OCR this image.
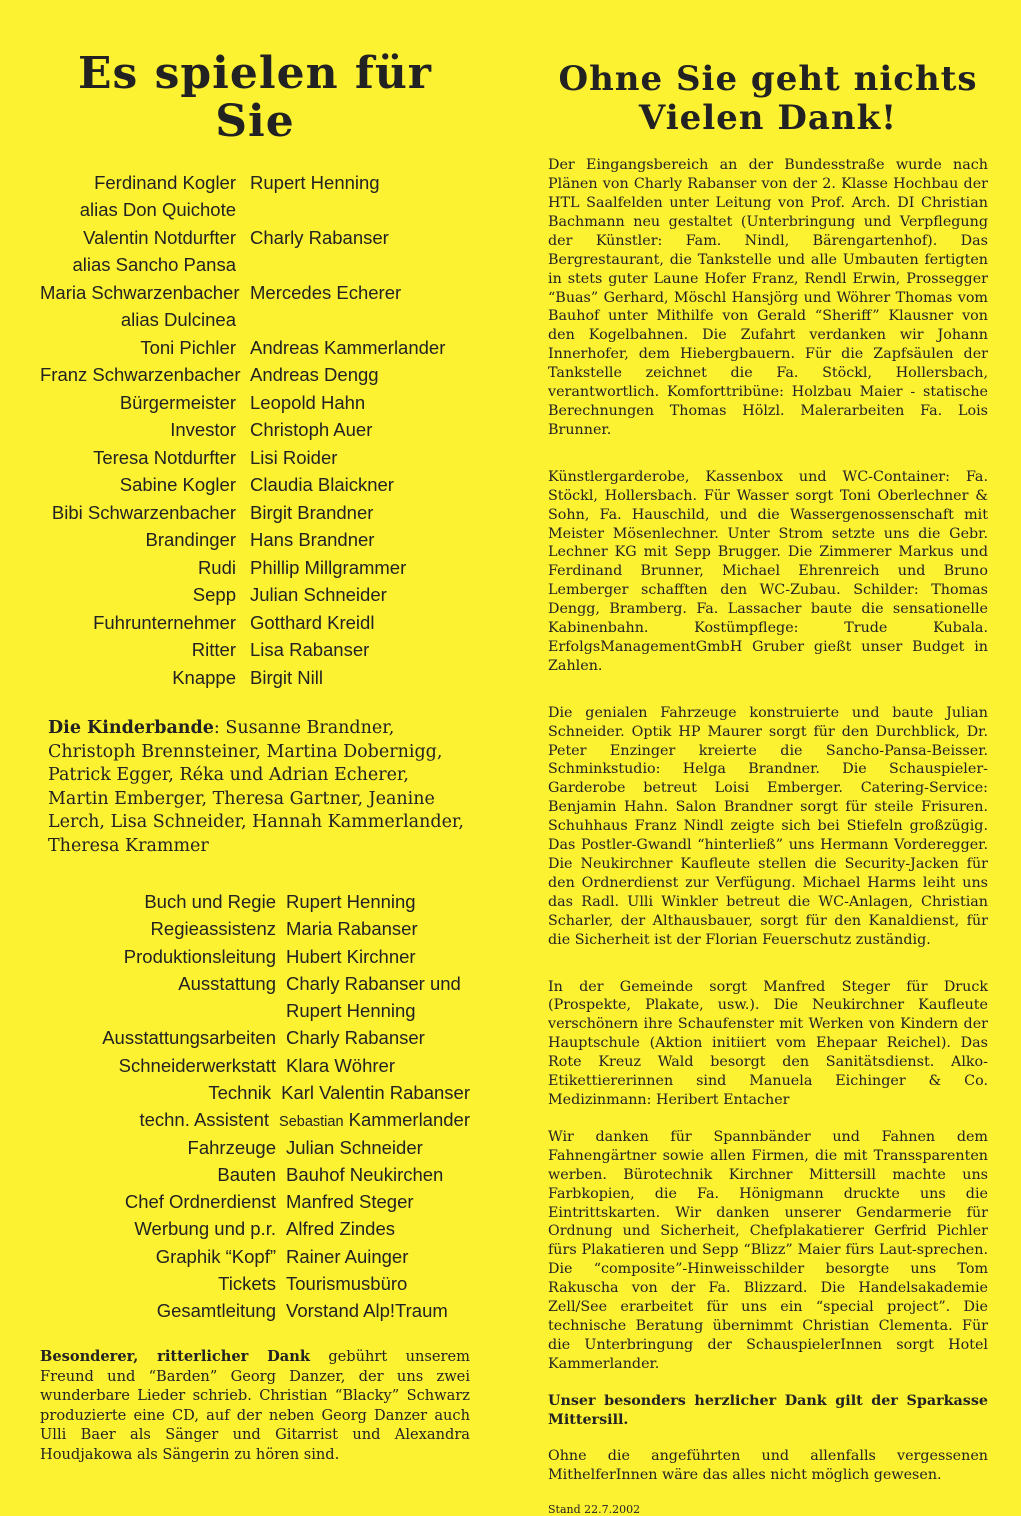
Es spielen für Sie
Ferdinand Kogler Rupert Henning
alias Don Quichote
Valentin Notdurfter Charly Rabanser
alias Sancho Pansa
Maria Schwarzenbacher Mercedes Echerer
alias Dulcinea
Toni Pichler Andreas Kammerlander
Franz Schwarzenbacher Andreas Dengg
Bürgermeister Leopold Hahn
Investor Christoph Auer
Teresa Notdurfter Lisi Roider
Sabine Kogler Claudia Blaickner
Bibi Schwarzenbacher Birgit Brandner
Brandinger Hans Brandner
Rudi Phillip Millgrammer
Sepp Julian Schneider
Fuhrunternehmer Gotthard Kreidl
Ritter Lisa Rabanser
Knappe Birgit Nill

Die Kinderbande: Susanne Brandner, Christoph Brennsteiner, Martina Dobernigg, Patrick Egger, Réka und Adrian Echerer, Martin Emberger, Theresa Gartner, Jeanine Lerch, Lisa Schneider, Hannah Kammerlander, Theresa Krammer

Buch und Regie Rupert Henning
Regieassistenz Maria Rabanser
Produktionsleitung Hubert Kirchner
Ausstattung Charly Rabanser und
Rupert Henning
Ausstattungsarbeiten Charly Rabanser
Schneiderwerkstatt Klara Wöhrer
Technik Karl Valentin Rabanser
techn. Assistent Sebastian Kammerlander
Fahrzeuge Julian Schneider
Bauten Bauhof Neukirchen
Chef Ordnerdienst Manfred Steger
Werbung und p.r. Alfred Zindes
Graphik “Kopf” Rainer Auinger
Tickets Tourismusbüro
Gesamtleitung Vorstand Alp!Traum

Besonderer, ritterlicher Dank gebührt unserem Freund und “Barden” Georg Danzer, der uns zwei wunderbare Lieder schrieb. Christian “Blacky” Schwarz produzierte eine CD, auf der neben Georg Danzer auch Ulli Baer als Sänger und Gitarrist und Alexandra Houdjakowa als Sängerin zu hören sind.

Ohne Sie geht nichts
Vielen Dank!

Der Eingangsbereich an der Bundesstraße wurde nach Plänen von Charly Rabanser von der 2. Klasse Hochbau der HTL Saalfelden unter Leitung von Prof. Arch. DI Christian Bachmann neu gestaltet (Unterbringung und Verpflegung der Künstler: Fam. Nindl, Bärengartenhof). Das Bergrestaurant, die Tankstelle und alle Umbauten fertigten in stets guter Laune Hofer Franz, Rendl Erwin, Prossegger “Buas” Gerhard, Möschl Hansjörg und Wöhrer Thomas vom Bauhof unter Mithilfe von Gerald “Sheriff” Klausner von den Kogelbahnen. Die Zufahrt verdanken wir Johann Innerhofer, dem Hiebergbauern. Für die Zapfsäulen der Tankstelle zeichnet die Fa. Stöckl, Hollersbach, verantwortlich. Komforttribüne: Holzbau Maier - statische Berechnungen Thomas Hölzl. Malerarbeiten Fa. Lois Brunner.

Künstlergarderobe, Kassenbox und WC-Container: Fa. Stöckl, Hollersbach. Für Wasser sorgt Toni Oberlechner & Sohn, Fa. Hauschild, und die Wassergenossenschaft mit Meister Mösenlechner. Unter Strom setzte uns die Gebr. Lechner KG mit Sepp Brugger. Die Zimmerer Markus und Ferdinand Brunner, Michael Ehrenreich und Bruno Lemberger schafften den WC-Zubau. Schilder: Thomas Dengg, Bramberg. Fa. Lassacher baute die sensationelle Kabinenbahn. Kostümpflege: Trude Kubala. ErfolgsManagementGmbH Gruber gießt unser Budget in Zahlen.

Die genialen Fahrzeuge konstruierte und baute Julian Schneider. Optik HP Maurer sorgt für den Durchblick, Dr. Peter Enzinger kreierte die Sancho-Pansa-Beisser. Schminkstudio: Helga Brandner. Die Schauspieler-Garderobe betreut Loisi Emberger. Catering-Service: Benjamin Hahn. Salon Brandner sorgt für steile Frisuren. Schuhhaus Franz Nindl zeigte sich bei Stiefeln großzügig. Das Postler-Gwandl “hinterließ” uns Hermann Vorderegger. Die Neukirchner Kaufleute stellen die Security-Jacken für den Ordnerdienst zur Verfügung. Michael Harms leiht uns das Radl. Ulli Winkler betreut die WC-Anlagen, Christian Scharler, der Althausbauer, sorgt für den Kanaldienst, für die Sicherheit ist der Florian Feuerschutz zuständig.

In der Gemeinde sorgt Manfred Steger für Druck (Prospekte, Plakate, usw.). Die Neukirchner Kaufleute verschönern ihre Schaufenster mit Werken von Kindern der Hauptschule (Aktion initiiert vom Ehepaar Reichel). Das Rote Kreuz Wald besorgt den Sanitätsdienst. Alko-Etikettiererinnen sind Manuela Eichinger & Co. Medizinmann: Heribert Entacher

Wir danken für Spannbänder und Fahnen dem Fahnengärtner sowie allen Firmen, die mit Transsparenten werben. Bürotechnik Kirchner Mittersill machte uns Farbkopien, die Fa. Hönigmann druckte uns die Eintrittskarten. Wir danken unserer Gendarmerie für Ordnung und Sicherheit, Chefplakatierer Gerfrid Pichler fürs Plakatieren und Sepp “Blizz” Maier fürs Laut-sprechen. Die “composite”-Hinweisschilder besorgte uns Tom Rakuscha von der Fa. Blizzard. Die Handelsakademie Zell/See erarbeitet für uns ein “special project”. Die technische Beratung übernimmt Christian Clementa. Für die Unterbringung der SchauspielerInnen sorgt Hotel Kammerlander.

Unser besonders herzlicher Dank gilt der Sparkasse Mittersill.

Ohne die angeführten und allenfalls vergessenen MithelferInnen wäre das alles nicht möglich gewesen.

Stand 22.7.2002
